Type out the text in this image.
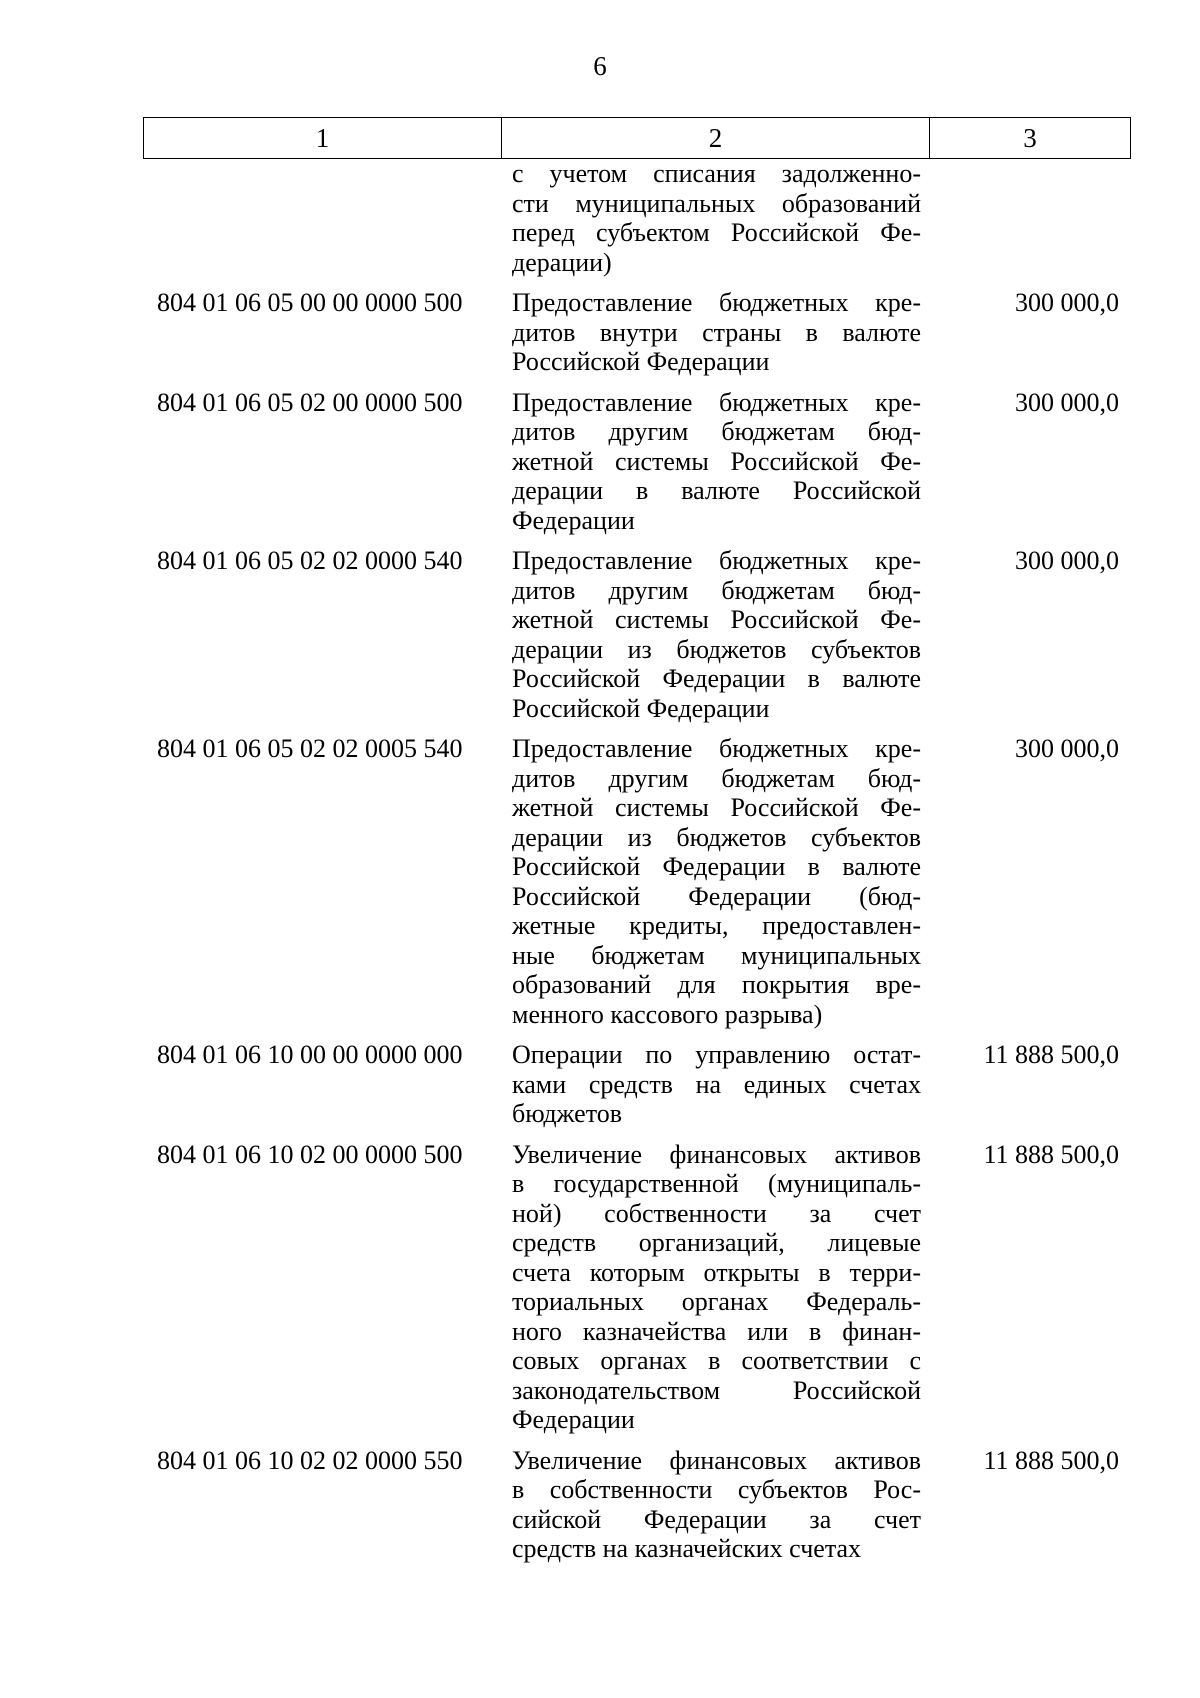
6
1	2	3
с учетом списания задолженно-
сти муниципальных образований
перед субъектом Российской Фе-
дерации)
804 01 06 05 00 00 0000 500	Предоставление бюджетных кре-
дитов внутри страны в валюте
Российской Федерации
300 000,0
804 01 06 05 02 00 0000 500	Предоставление бюджетных кре-
дитов другим бюджетам бюд-
жетной системы Российской Фе-
дерации в валюте Российской
Федерации
300 000,0
804 01 06 05 02 02 0000 540	Предоставление бюджетных кре-
дитов другим бюджетам бюд-
жетной системы Российской Фе-
дерации из бюджетов субъектов
Российской Федерации в валюте
Российской Федерации
300 000,0
804 01 06 05 02 02 0005 540	Предоставление бюджетных кре-
дитов другим бюджетам бюд-
жетной системы Российской Фе-
дерации из бюджетов субъектов
Российской Федерации в валюте
Российской Федерации (бюд-
жетные кредиты, предоставлен-
ные бюджетам муниципальных
образований для покрытия вре-
менного кассового разрыва)
300 000,0
804 01 06 10 00 00 0000 000	Операции по управлению остат-
ками средств на единых счетах
бюджетов
11 888 500,0
804 01 06 10 02 00 0000 500	Увеличение финансовых активов
в государственной (муниципаль-
ной) собственности за счет
средств организаций, лицевые
счета которым открыты в терри-
ториальных органах Федераль-
ного казначейства или в финан-
совых органах в соответствии с
законодательством Российской
Федерации
11 888 500,0
804 01 06 10 02 02 0000 550	Увеличение финансовых активов
в собственности субъектов Рос-
сийской Федерации за счет
средств на казначейских счетах
11 888 500,0
